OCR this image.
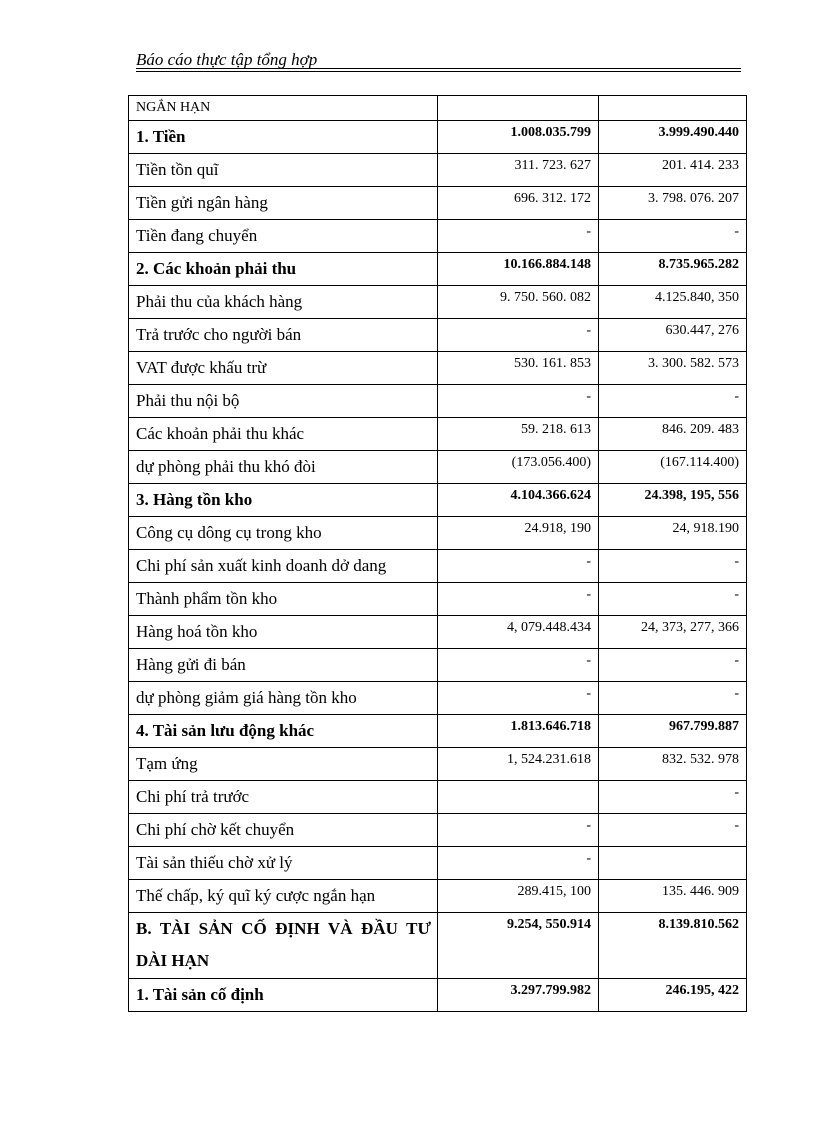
Báo cáo thực tập tổng hợp
NGẮN HẠN		
1. Tiền	1.008.035.799	3.999.490.440
Tiền tồn quĩ	311. 723. 627	201. 414. 233
Tiền gửi ngân hàng	696. 312. 172	3. 798. 076. 207
Tiền đang chuyển	-	-
2. Các khoản phải thu	10.166.884.148	8.735.965.282
Phải thu của khách hàng	9. 750. 560. 082	4.125.840, 350
Trả trước cho người bán	-	630.447, 276
VAT được khấu trừ	530. 161. 853	3. 300. 582. 573
Phải thu nội bộ	-	-
Các khoản phải thu khác	59. 218. 613	846. 209. 483
dự phòng phải thu khó đòi	(173.056.400)	(167.114.400)
3. Hàng tồn kho	4.104.366.624	24.398, 195, 556
Công cụ dông cụ trong kho	24.918, 190	24, 918.190
Chi phí sản xuất kinh doanh dở dang	-	-
Thành phẩm tồn kho	-	-
Hàng hoá tồn kho	4, 079.448.434	24, 373, 277, 366
Hàng gửi đi bán	-	-
dự phòng giảm giá hàng tồn kho	-	-
4. Tài sản lưu động khác	1.813.646.718	967.799.887
Tạm ứng	1, 524.231.618	832. 532. 978
Chi phí trả trước		-
Chi phí chờ kết chuyển	-	-
Tài sản thiếu chờ xử lý	-	
Thế chấp, ký quĩ ký cược ngắn hạn	289.415, 100	135. 446. 909
B. TÀI SẢN CỐ ĐỊNH VÀ ĐẦU TƯ DÀI HẠN	9.254, 550.914	8.139.810.562
1. Tài sản cố định	3.297.799.982	246.195, 422
